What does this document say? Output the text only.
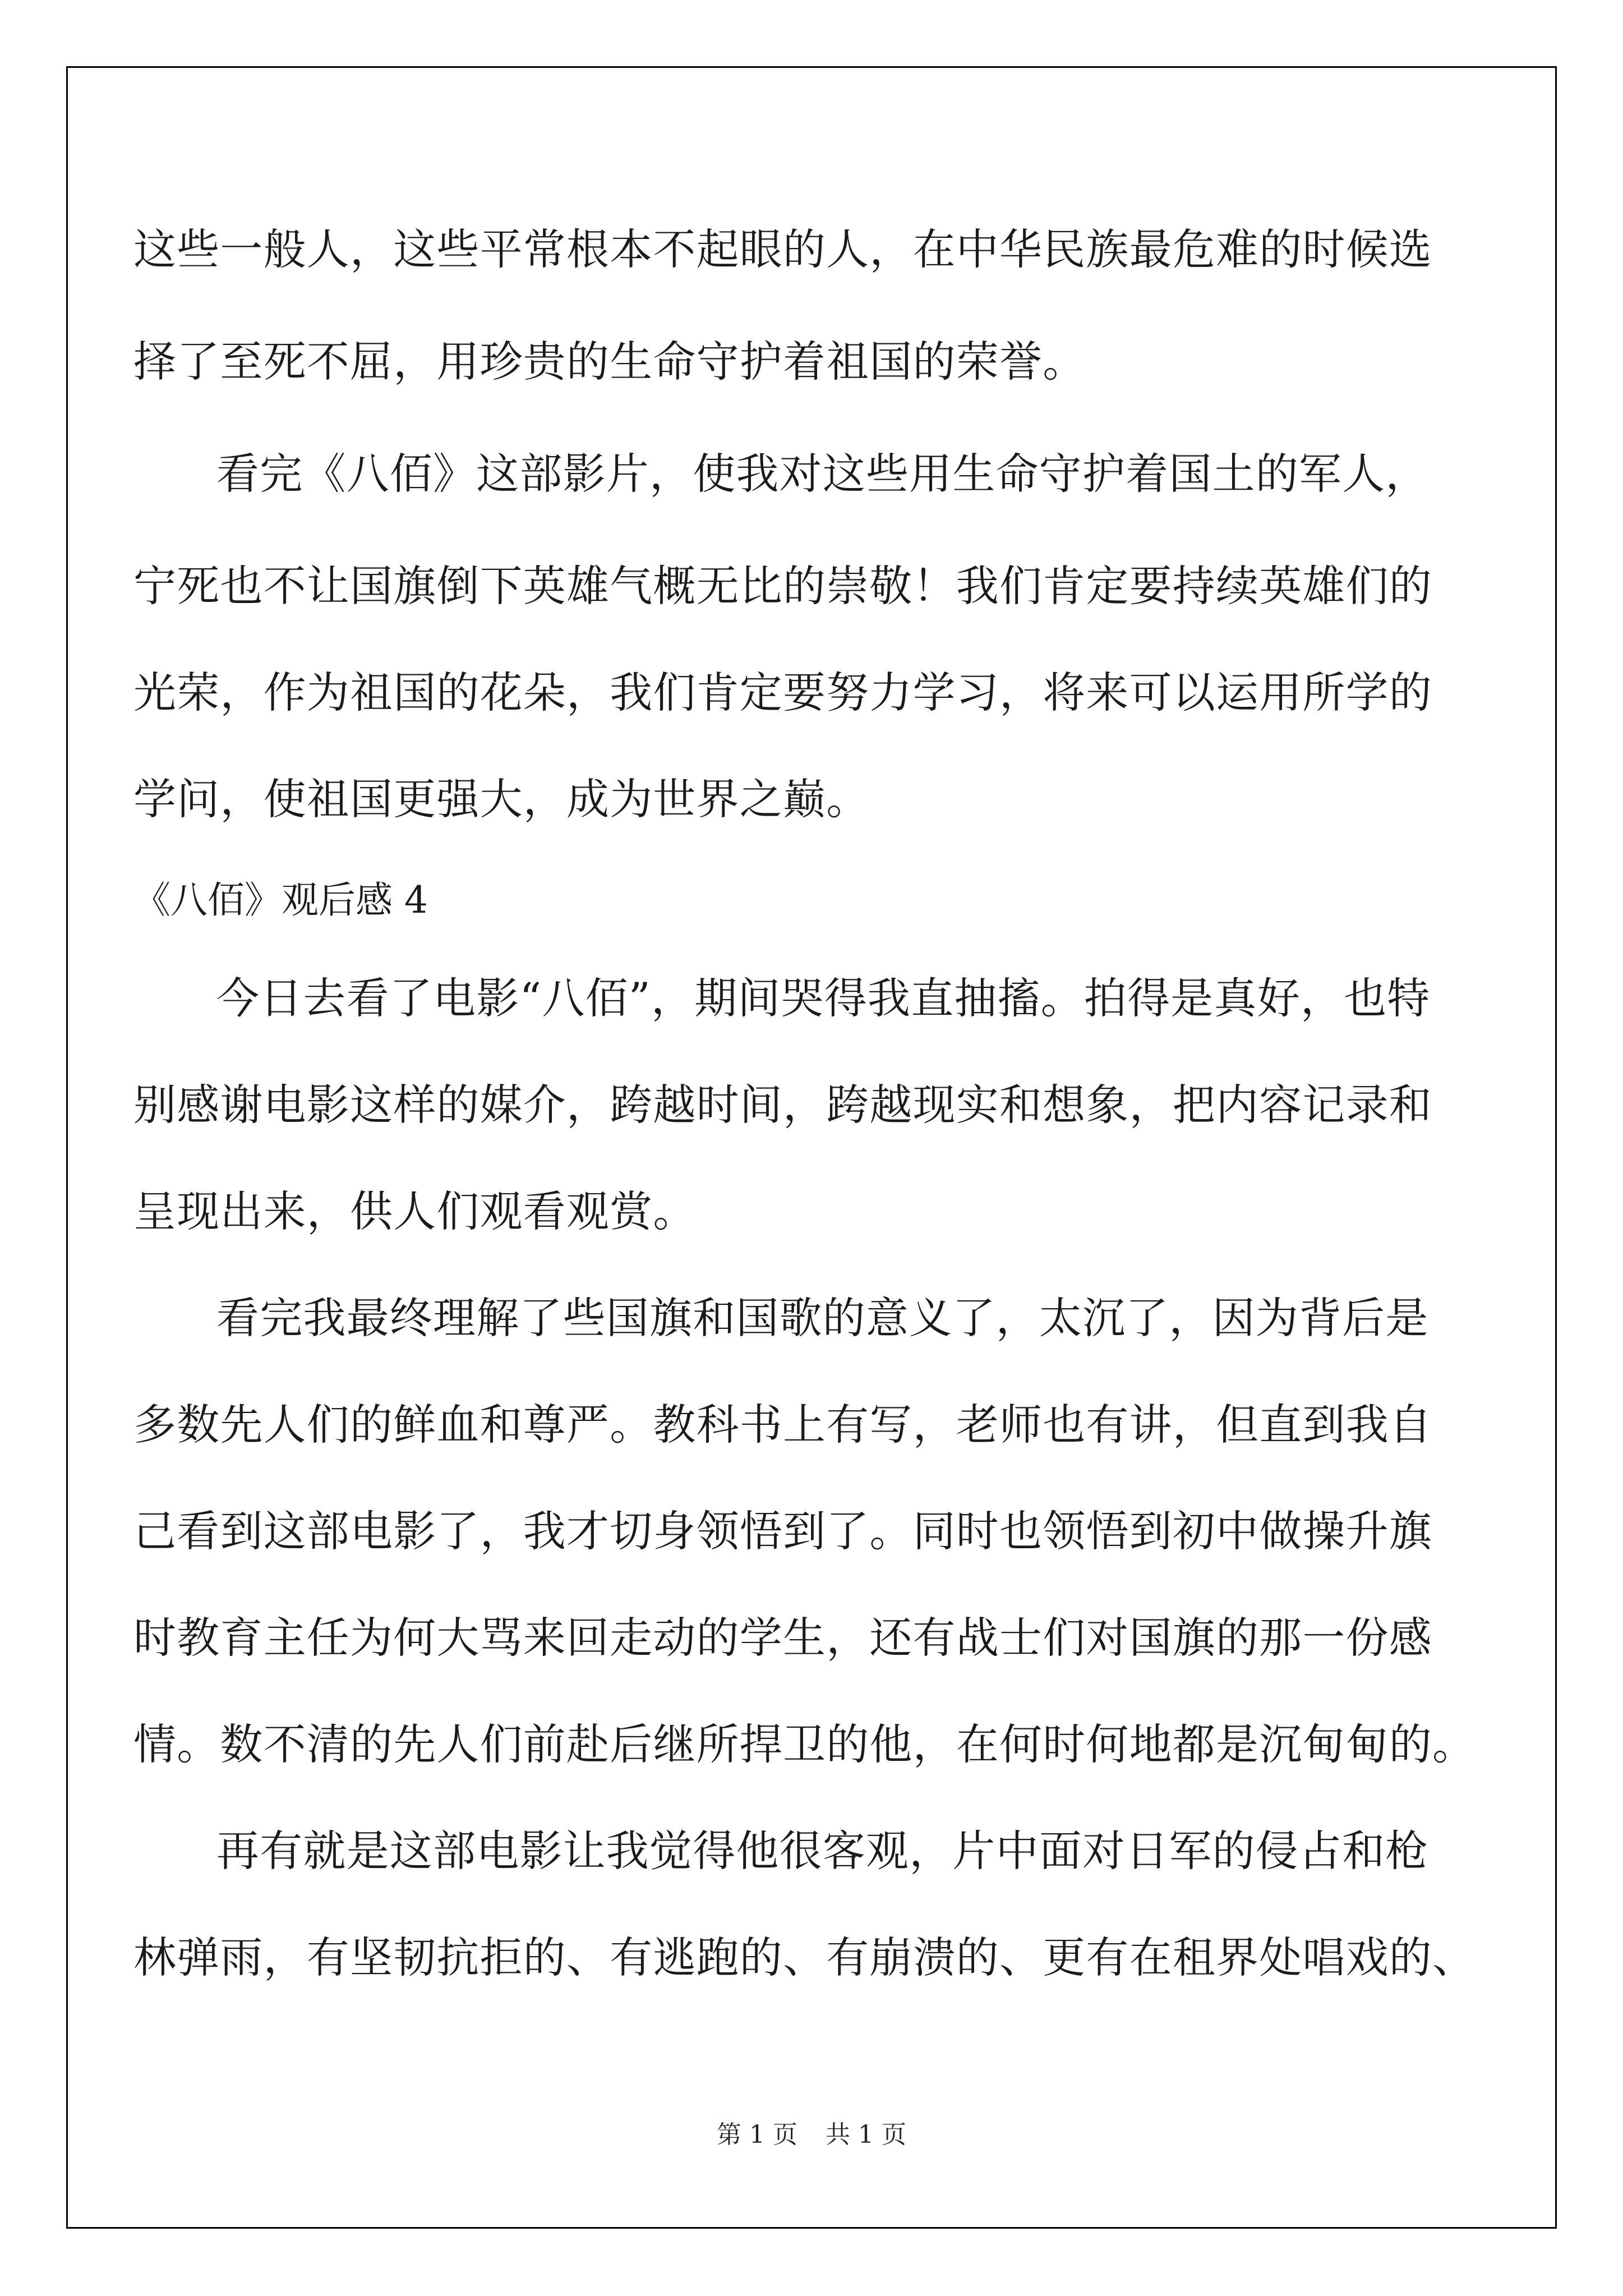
这些一般人，这些平常根本不起眼的人，在中华民族最危难的时候选
择了至死不屈，用珍贵的生命守护着祖国的荣誉。
看完《八佰》这部影片，使我对这些用生命守护着国土的军人，
宁死也不让国旗倒下英雄气概无比的崇敬！我们肯定要持续英雄们的
光荣，作为祖国的花朵，我们肯定要努力学习，将来可以运用所学的
学问，使祖国更强大，成为世界之巅。
《八佰》观后感 4
今日去看了电影“八佰”，期间哭得我直抽搐。拍得是真好，也特
别感谢电影这样的媒介，跨越时间，跨越现实和想象，把内容记录和
呈现出来，供人们观看观赏。
看完我最终理解了些国旗和国歌的意义了，太沉了，因为背后是
多数先人们的鲜血和尊严。教科书上有写，老师也有讲，但直到我自
己看到这部电影了，我才切身领悟到了。同时也领悟到初中做操升旗
时教育主任为何大骂来回走动的学生，还有战士们对国旗的那一份感
情。数不清的先人们前赴后继所捍卫的他，在何时何地都是沉甸甸的。
再有就是这部电影让我觉得他很客观，片中面对日军的侵占和枪
林弹雨，有坚韧抗拒的、有逃跑的、有崩溃的、更有在租界处唱戏的、
第 1 页 共 1 页
